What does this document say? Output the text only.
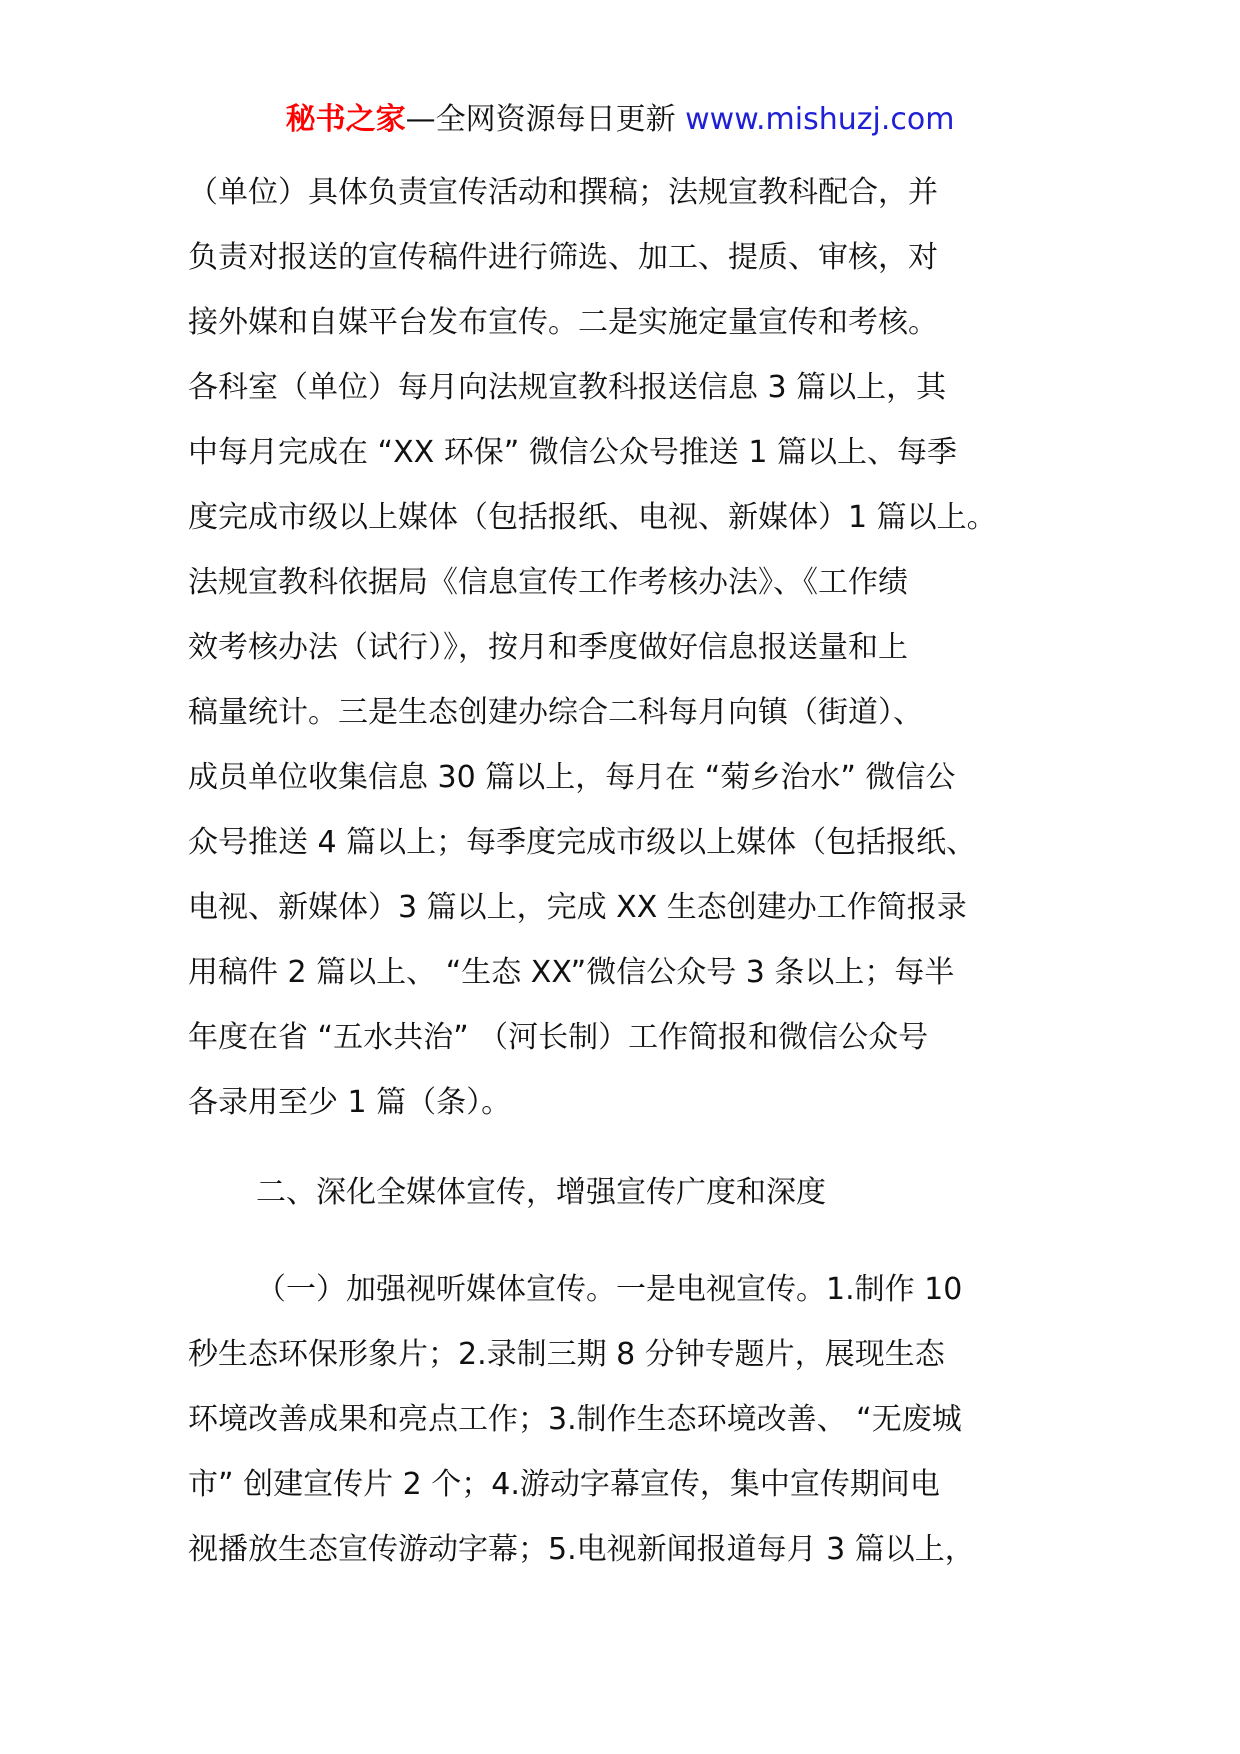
秘书之家—全网资源每日更新 www.mishuzj.com
（单位）具体负责宣传活动和撰稿；法规宣教科配合，并
负责对报送的宣传稿件进行筛选、加工、提质、审核，对
接外媒和自媒平台发布宣传。二是实施定量宣传和考核。
各科室（单位）每月向法规宣教科报送信息 3 篇以上，其
中每月完成在 “XX 环保” 微信公众号推送 1 篇以上、每季
度完成市级以上媒体（包括报纸、电视、新媒体）1 篇以上。
法规宣教科依据局《信息宣传工作考核办法》、《工作绩
效考核办法（试行）》，按月和季度做好信息报送量和上
稿量统计。三是生态创建办综合二科每月向镇（街道）、
成员单位收集信息 30 篇以上，每月在 “菊乡治水” 微信公
众号推送 4 篇以上；每季度完成市级以上媒体（包括报纸、
电视、新媒体）3 篇以上，完成 XX 生态创建办工作简报录
用稿件 2 篇以上、 “生态 XX”微信公众号 3 条以上；每半
年度在省 “五水共治” （河长制）工作简报和微信公众号
各录用至少 1 篇（条）。
二、深化全媒体宣传，增强宣传广度和深度
（一）加强视听媒体宣传。一是电视宣传。1.制作 10
秒生态环保形象片；2.录制三期 8 分钟专题片，展现生态
环境改善成果和亮点工作；3.制作生态环境改善、 “无废城
市” 创建宣传片 2 个；4.游动字幕宣传，集中宣传期间电
视播放生态宣传游动字幕；5.电视新闻报道每月 3 篇以上，
